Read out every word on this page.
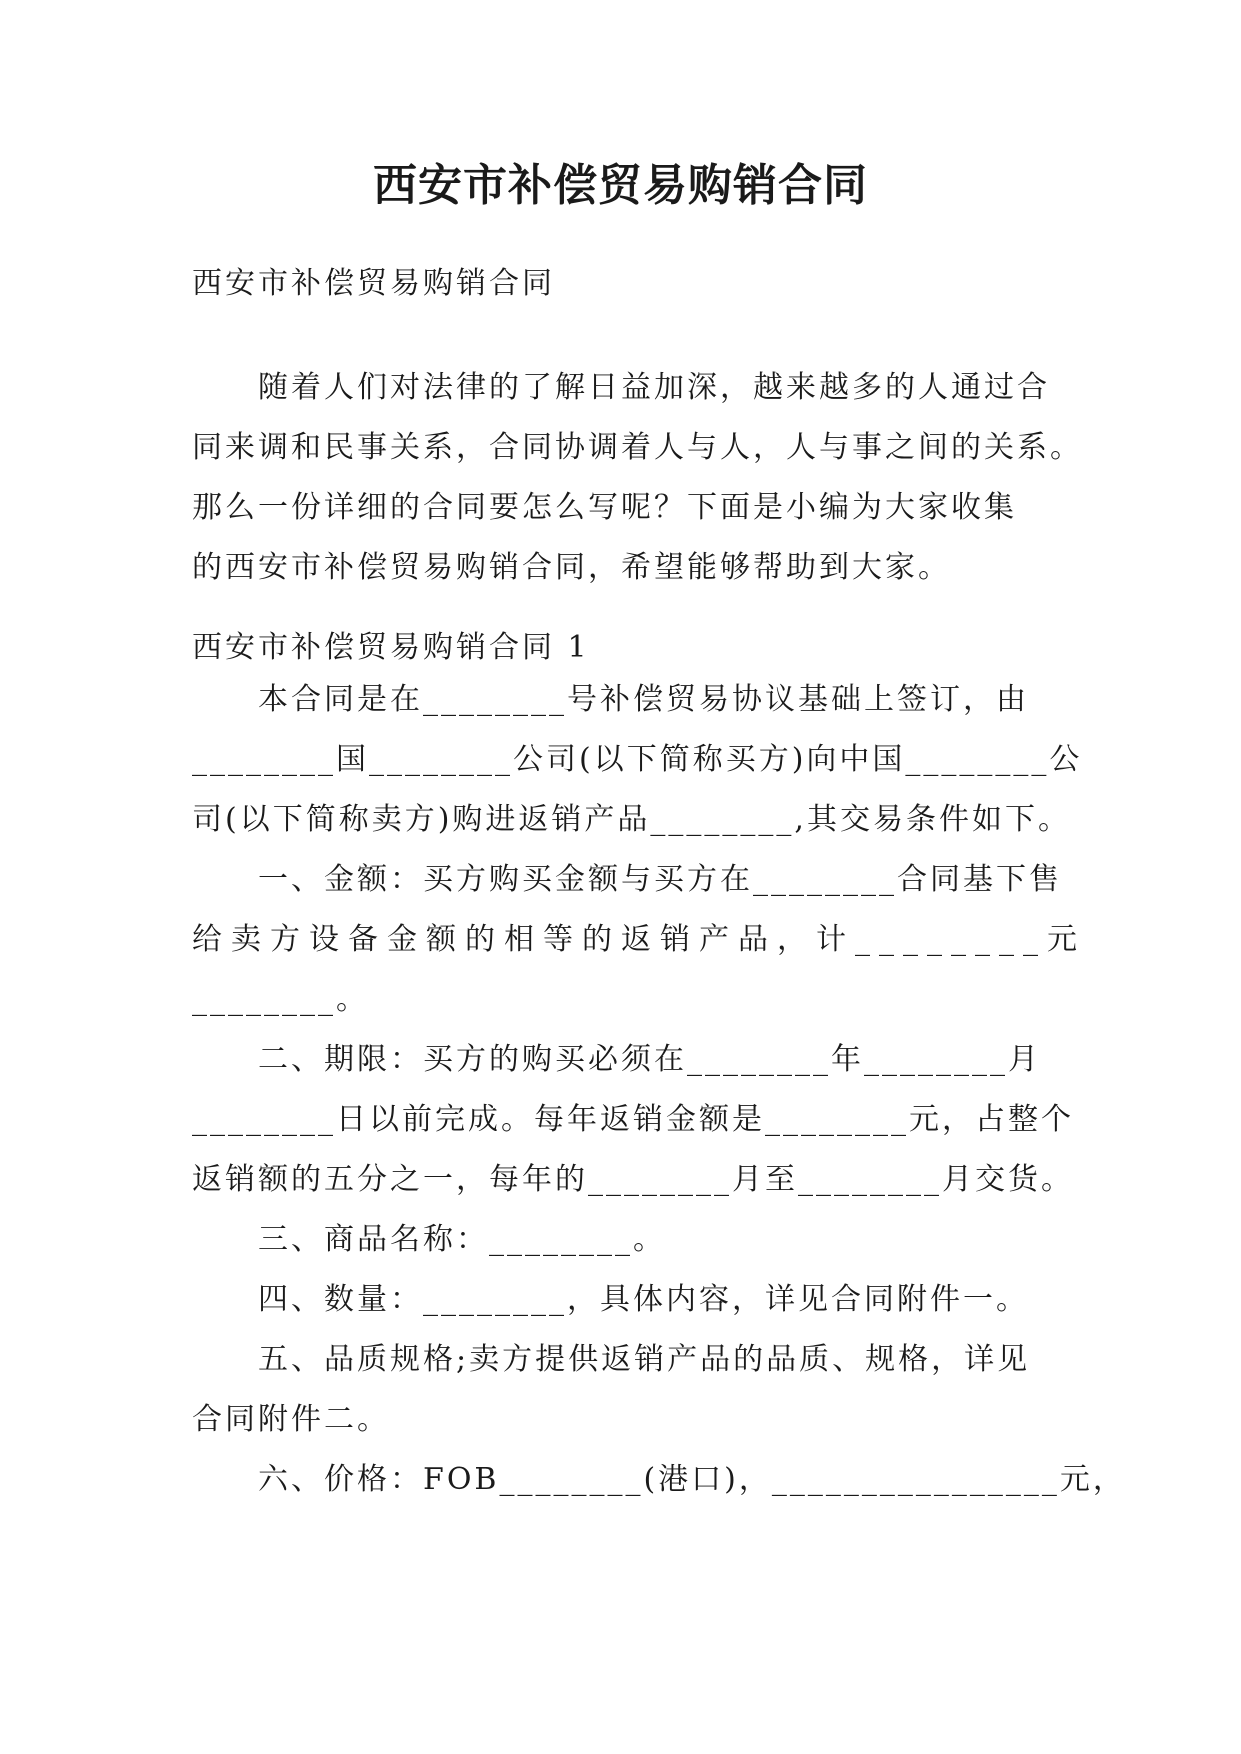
西安市补偿贸易购销合同
西安市补偿贸易购销合同
随着人们对法律的了解日益加深，越来越多的人通过合
同来调和民事关系，合同协调着人与人，人与事之间的关系。
那么一份详细的合同要怎么写呢？下面是小编为大家收集
的西安市补偿贸易购销合同，希望能够帮助到大家。
西安市补偿贸易购销合同 1
本合同是在________号补偿贸易协议基础上签订，由
________国________公司(以下简称买方)向中国________公
司(以下简称卖方)购进返销产品________,其交易条件如下。
一、金额：买方购买金额与买方在________合同基下售
给卖方设备金额的相等的返销产品，计________元
________。
二、期限：买方的购买必须在________年________月
________日以前完成。每年返销金额是________元，占整个
返销额的五分之一，每年的________月至________月交货。
三、商品名称：________。
四、数量：________，具体内容，详见合同附件一。
五、品质规格;卖方提供返销产品的品质、规格，详见
合同附件二。
六、价格：FOB________(港口)，________________元，
